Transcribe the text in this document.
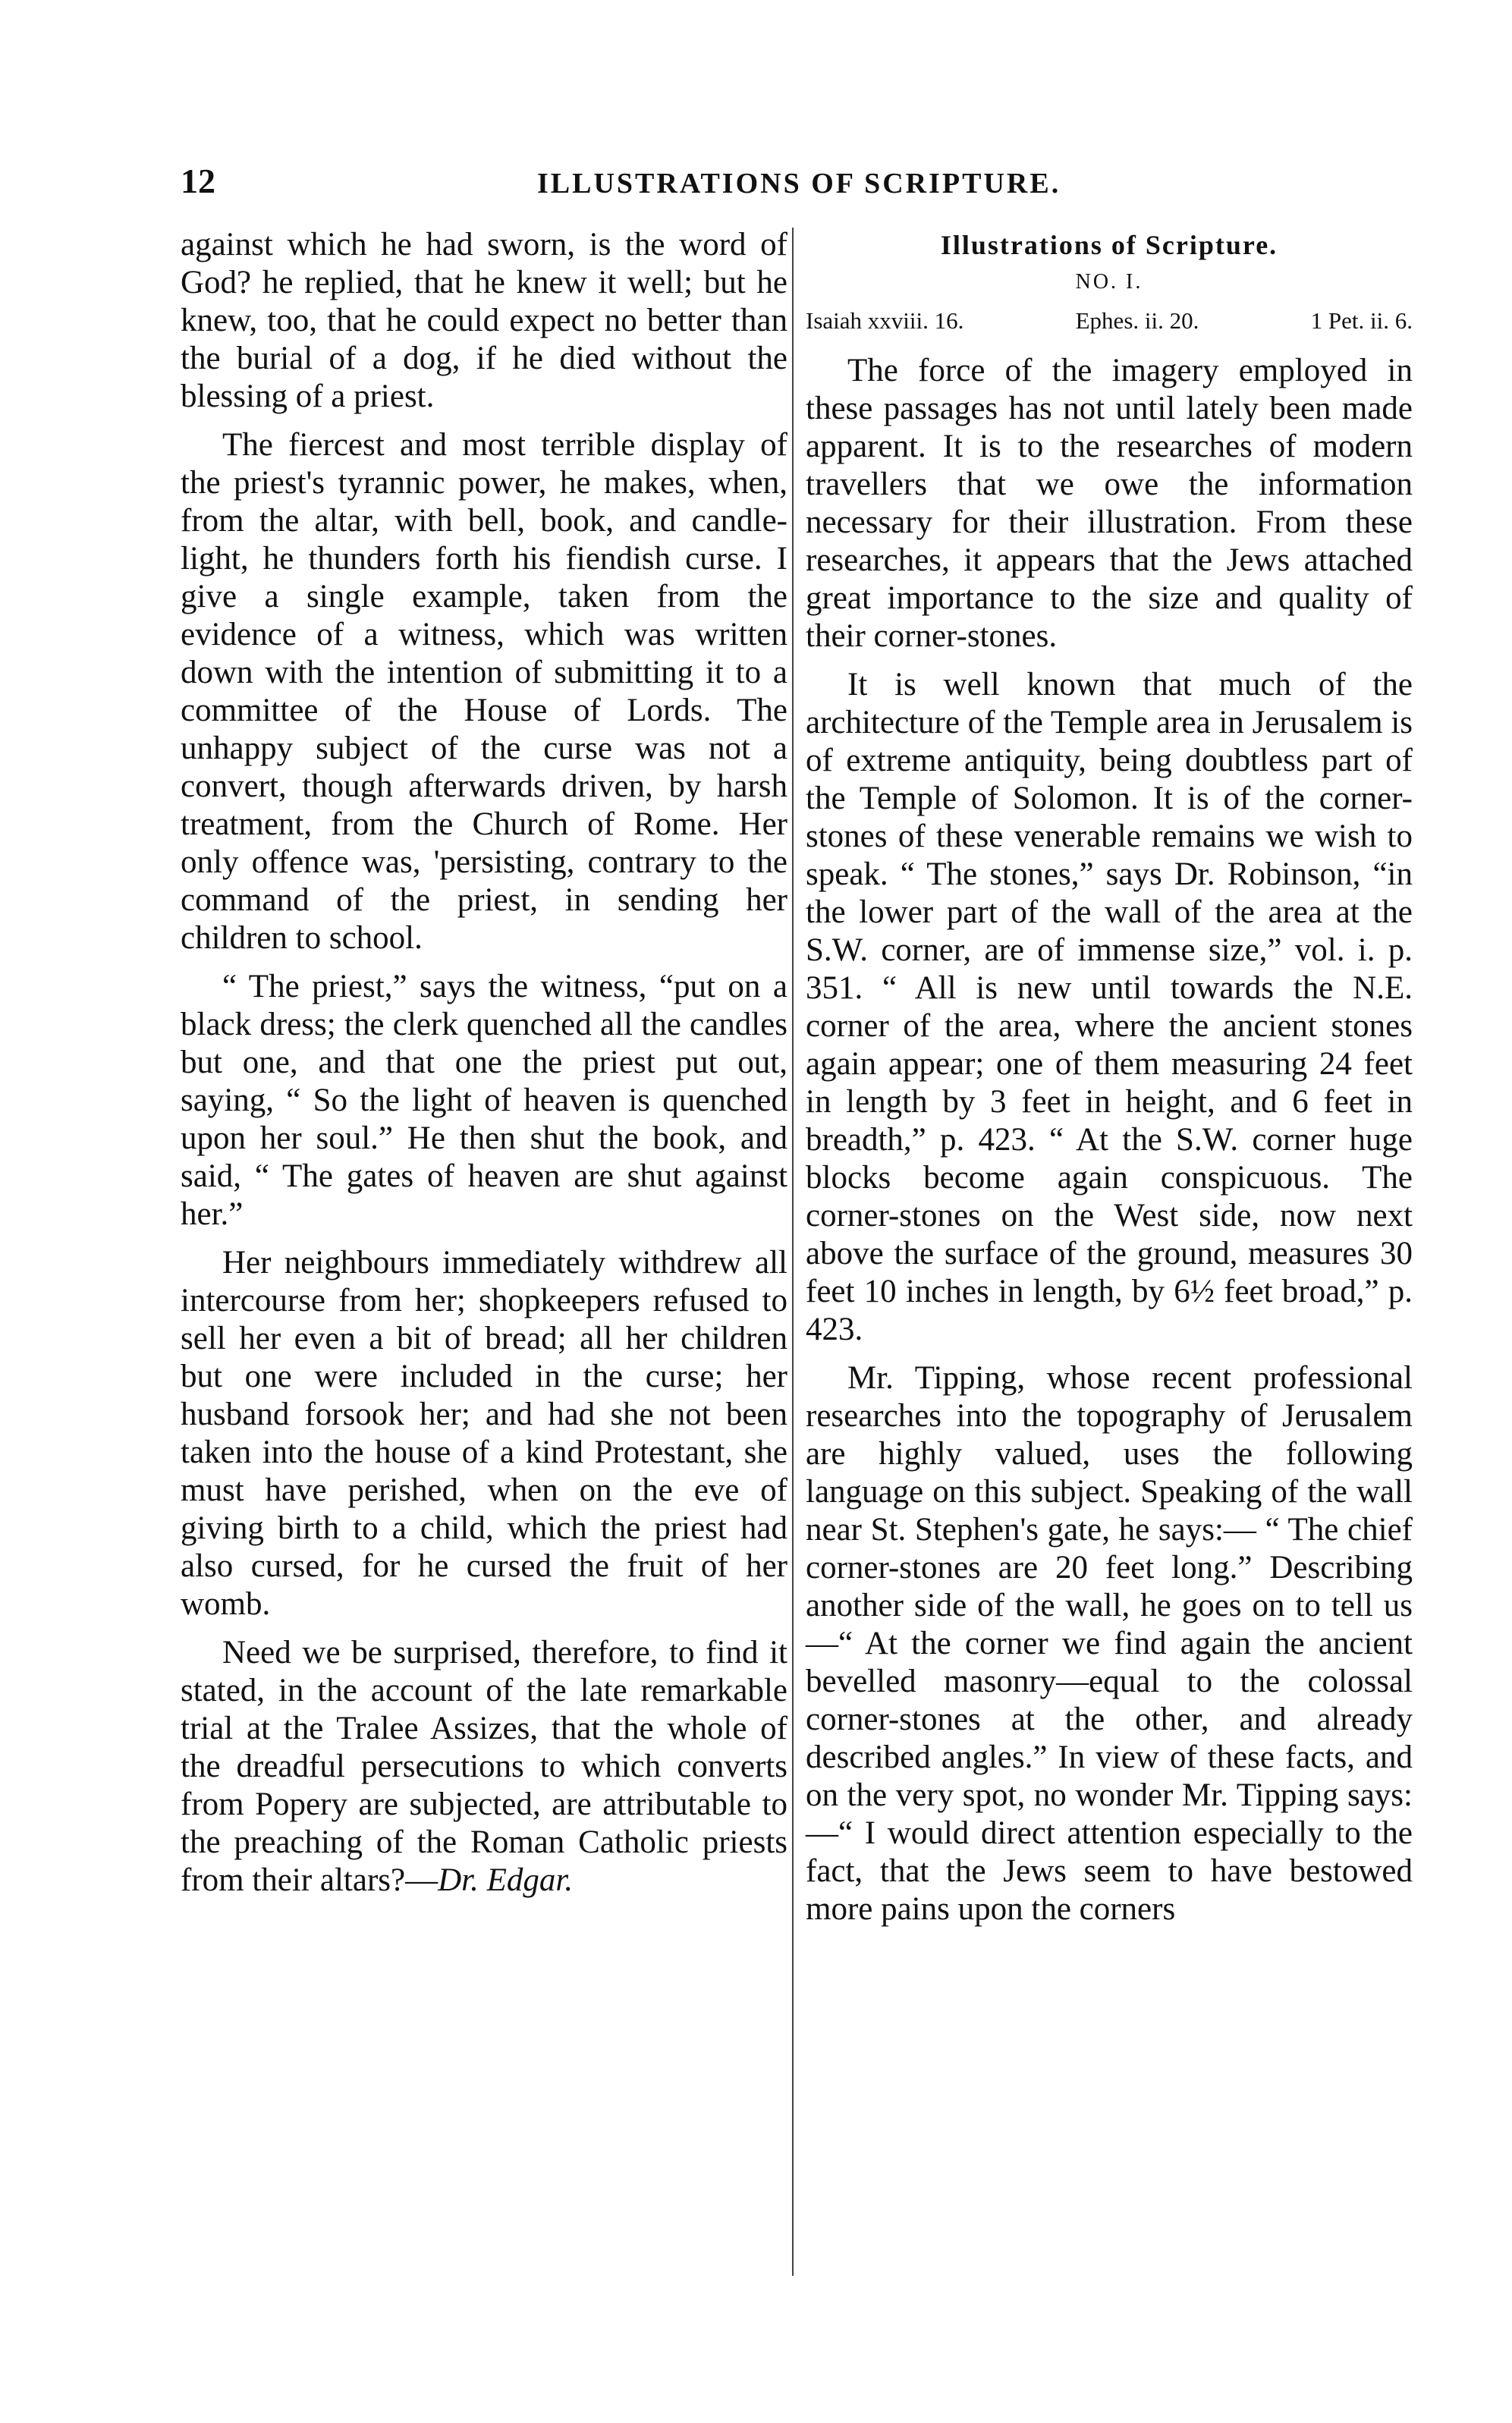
12	ILLUSTRATIONS OF SCRIPTURE.

against which he had sworn, is the word of God? he replied, that he knew it well; but he knew, too, that he could expect no better than the burial of a dog, if he died without the blessing of a priest.

The fiercest and most terrible display of the priest's tyrannic power, he makes, when, from the altar, with bell, book, and candle-light, he thunders forth his fiendish curse. I give a single example, taken from the evidence of a witness, which was written down with the intention of submitting it to a committee of the House of Lords. The unhappy subject of the curse was not a convert, though afterwards driven, by harsh treatment, from the Church of Rome. Her only offence was, 'persisting, contrary to the command of the priest, in sending her children to school.

“ The priest,” says the witness, “put on a black dress; the clerk quenched all the candles but one, and that one the priest put out, saying, “ So the light of heaven is quenched upon her soul.” He then shut the book, and said, “ The gates of heaven are shut against her.”

Her neighbours immediately withdrew all intercourse from her; shopkeepers refused to sell her even a bit of bread; all her children but one were included in the curse; her husband forsook her; and had she not been taken into the house of a kind Protestant, she must have perished, when on the eve of giving birth to a child, which the priest had also cursed, for he cursed the fruit of her womb.

Need we be surprised, therefore, to find it stated, in the account of the late remarkable trial at the Tralee Assizes, that the whole of the dreadful persecutions to which converts from Popery are subjected, are attributable to the preaching of the Roman Catholic priests from their altars?—Dr. Edgar.

Illustrations of Scripture.
NO. I.
Isaiah xxviii. 16.	Ephes. ii. 20.	1 Pet. ii. 6.

The force of the imagery employed in these passages has not until lately been made apparent. It is to the researches of modern travellers that we owe the information necessary for their illustration. From these researches, it appears that the Jews attached great importance to the size and quality of their corner-stones.

It is well known that much of the architecture of the Temple area in Jerusalem is of extreme antiquity, being doubtless part of the Temple of Solomon. It is of the corner-stones of these venerable remains we wish to speak. “ The stones,” says Dr. Robinson, “in the lower part of the wall of the area at the S.W. corner, are of immense size,” vol. i. p. 351. “ All is new until towards the N.E. corner of the area, where the ancient stones again appear; one of them measuring 24 feet in length by 3 feet in height, and 6 feet in breadth,” p. 423. “ At the S.W. corner huge blocks become again conspicuous. The corner-stones on the West side, now next above the surface of the ground, measures 30 feet 10 inches in length, by 6½ feet broad,” p. 423.

Mr. Tipping, whose recent professional researches into the topography of Jerusalem are highly valued, uses the following language on this subject. Speaking of the wall near St. Stephen's gate, he says:— “ The chief corner-stones are 20 feet long.” Describing another side of the wall, he goes on to tell us—“ At the corner we find again the ancient bevelled masonry—equal to the colossal corner-stones at the other, and already described angles.” In view of these facts, and on the very spot, no wonder Mr. Tipping says:—“ I would direct attention especially to the fact, that the Jews seem to have bestowed more pains upon the corners
